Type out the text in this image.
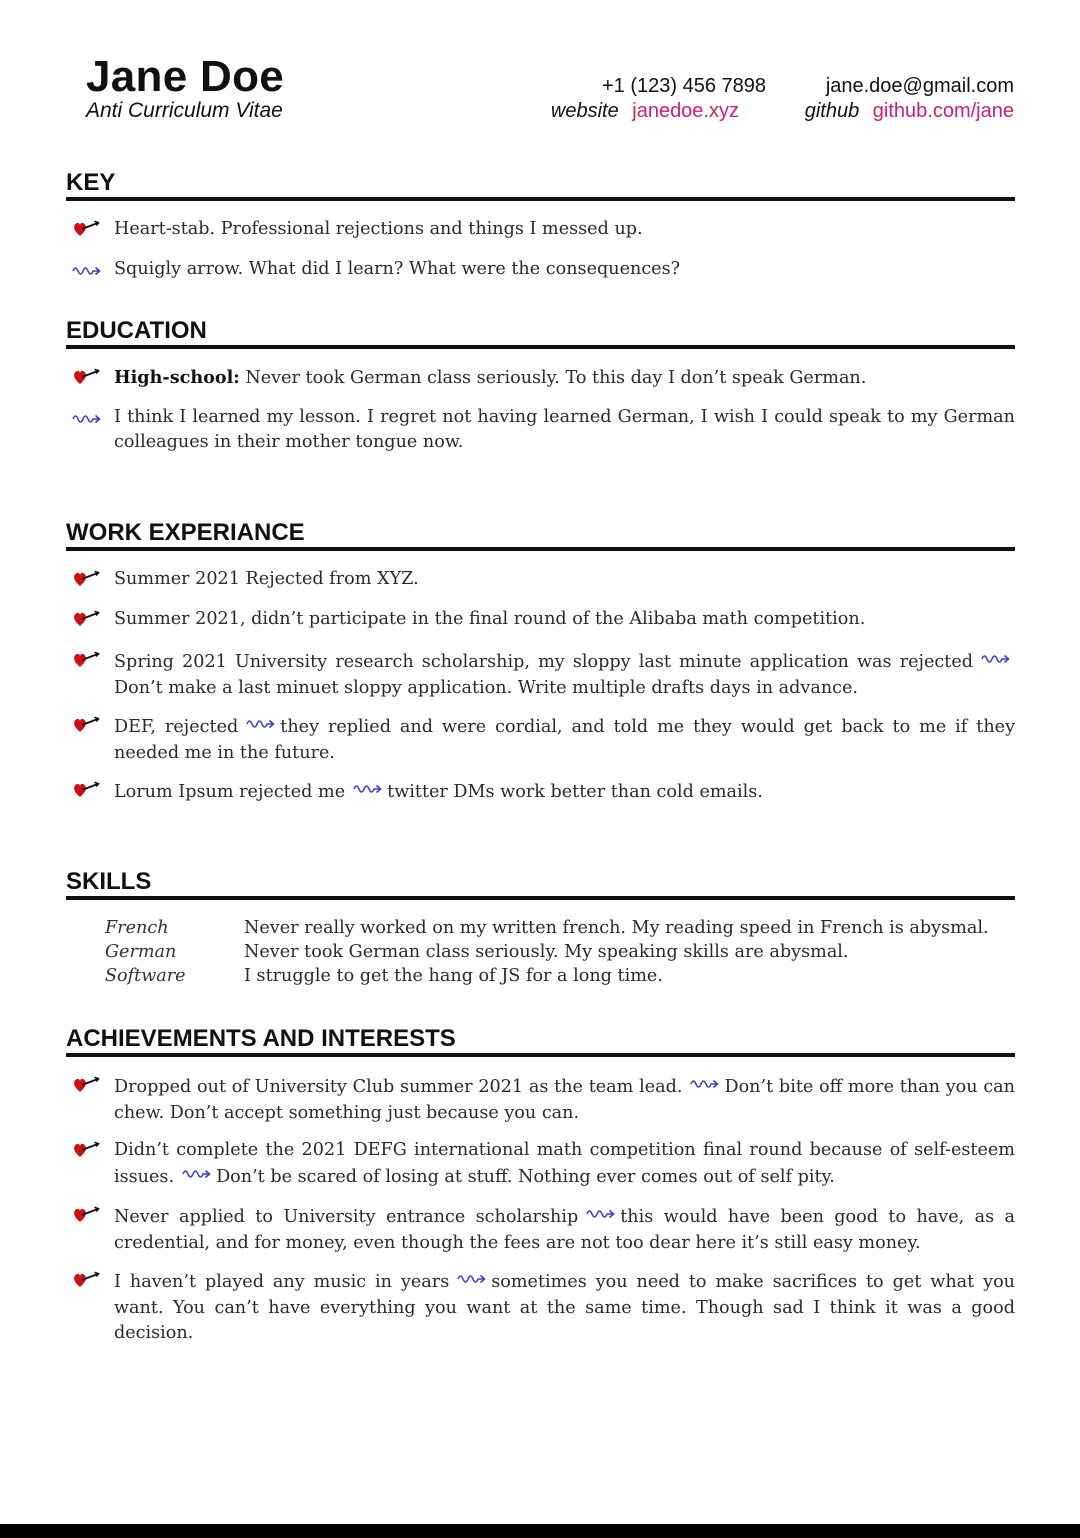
Jane Doe
Anti Curriculum Vitae
+1 (123) 456 7898	jane.doe@gmail.com
website janedoe.xyz	github github.com/jane
KEY
Heart-stab. Professional rejections and things I messed up.
Squigly arrow. What did I learn? What were the consequences?
EDUCATION
High-school: Never took German class seriously. To this day I don’t speak German.
I think I learned my lesson. I regret not having learned German, I wish I could speak to my German colleagues in their mother tongue now.
WORK EXPERIANCE
Summer 2021 Rejected from XYZ.
Summer 2021, didn’t participate in the final round of the Alibaba math competition.
Spring 2021 University research scholarship, my sloppy last minute application was rejectedDon’t make a last minuet sloppy application. Write multiple drafts days in advance.
DEF, rejected they replied and were cordial, and told me they would get back to me if they needed me in the future.
Lorum Ipsum rejected me twitter DMs work better than cold emails.
SKILLS
French	Never really worked on my written french. My reading speed in French is abysmal.
German	Never took German class seriously. My speaking skills are abysmal.
Software	I struggle to get the hang of JS for a long time.
ACHIEVEMENTS AND INTERESTS
Dropped out of University Club summer 2021 as the team lead. Don’t bite off more than you can chew. Don’t accept something just because you can.
Didn’t complete the 2021 DEFG international math competition final round because of self-esteem issues. Don’t be scared of losing at stuff. Nothing ever comes out of self pity.
Never applied to University entrance scholarship this would have been good to have, as a credential, and for money, even though the fees are not too dear here it’s still easy money.
I haven’t played any music in years sometimes you need to make sacrifices to get what you want. You can’t have everything you want at the same time. Though sad I think it was a good decision.
